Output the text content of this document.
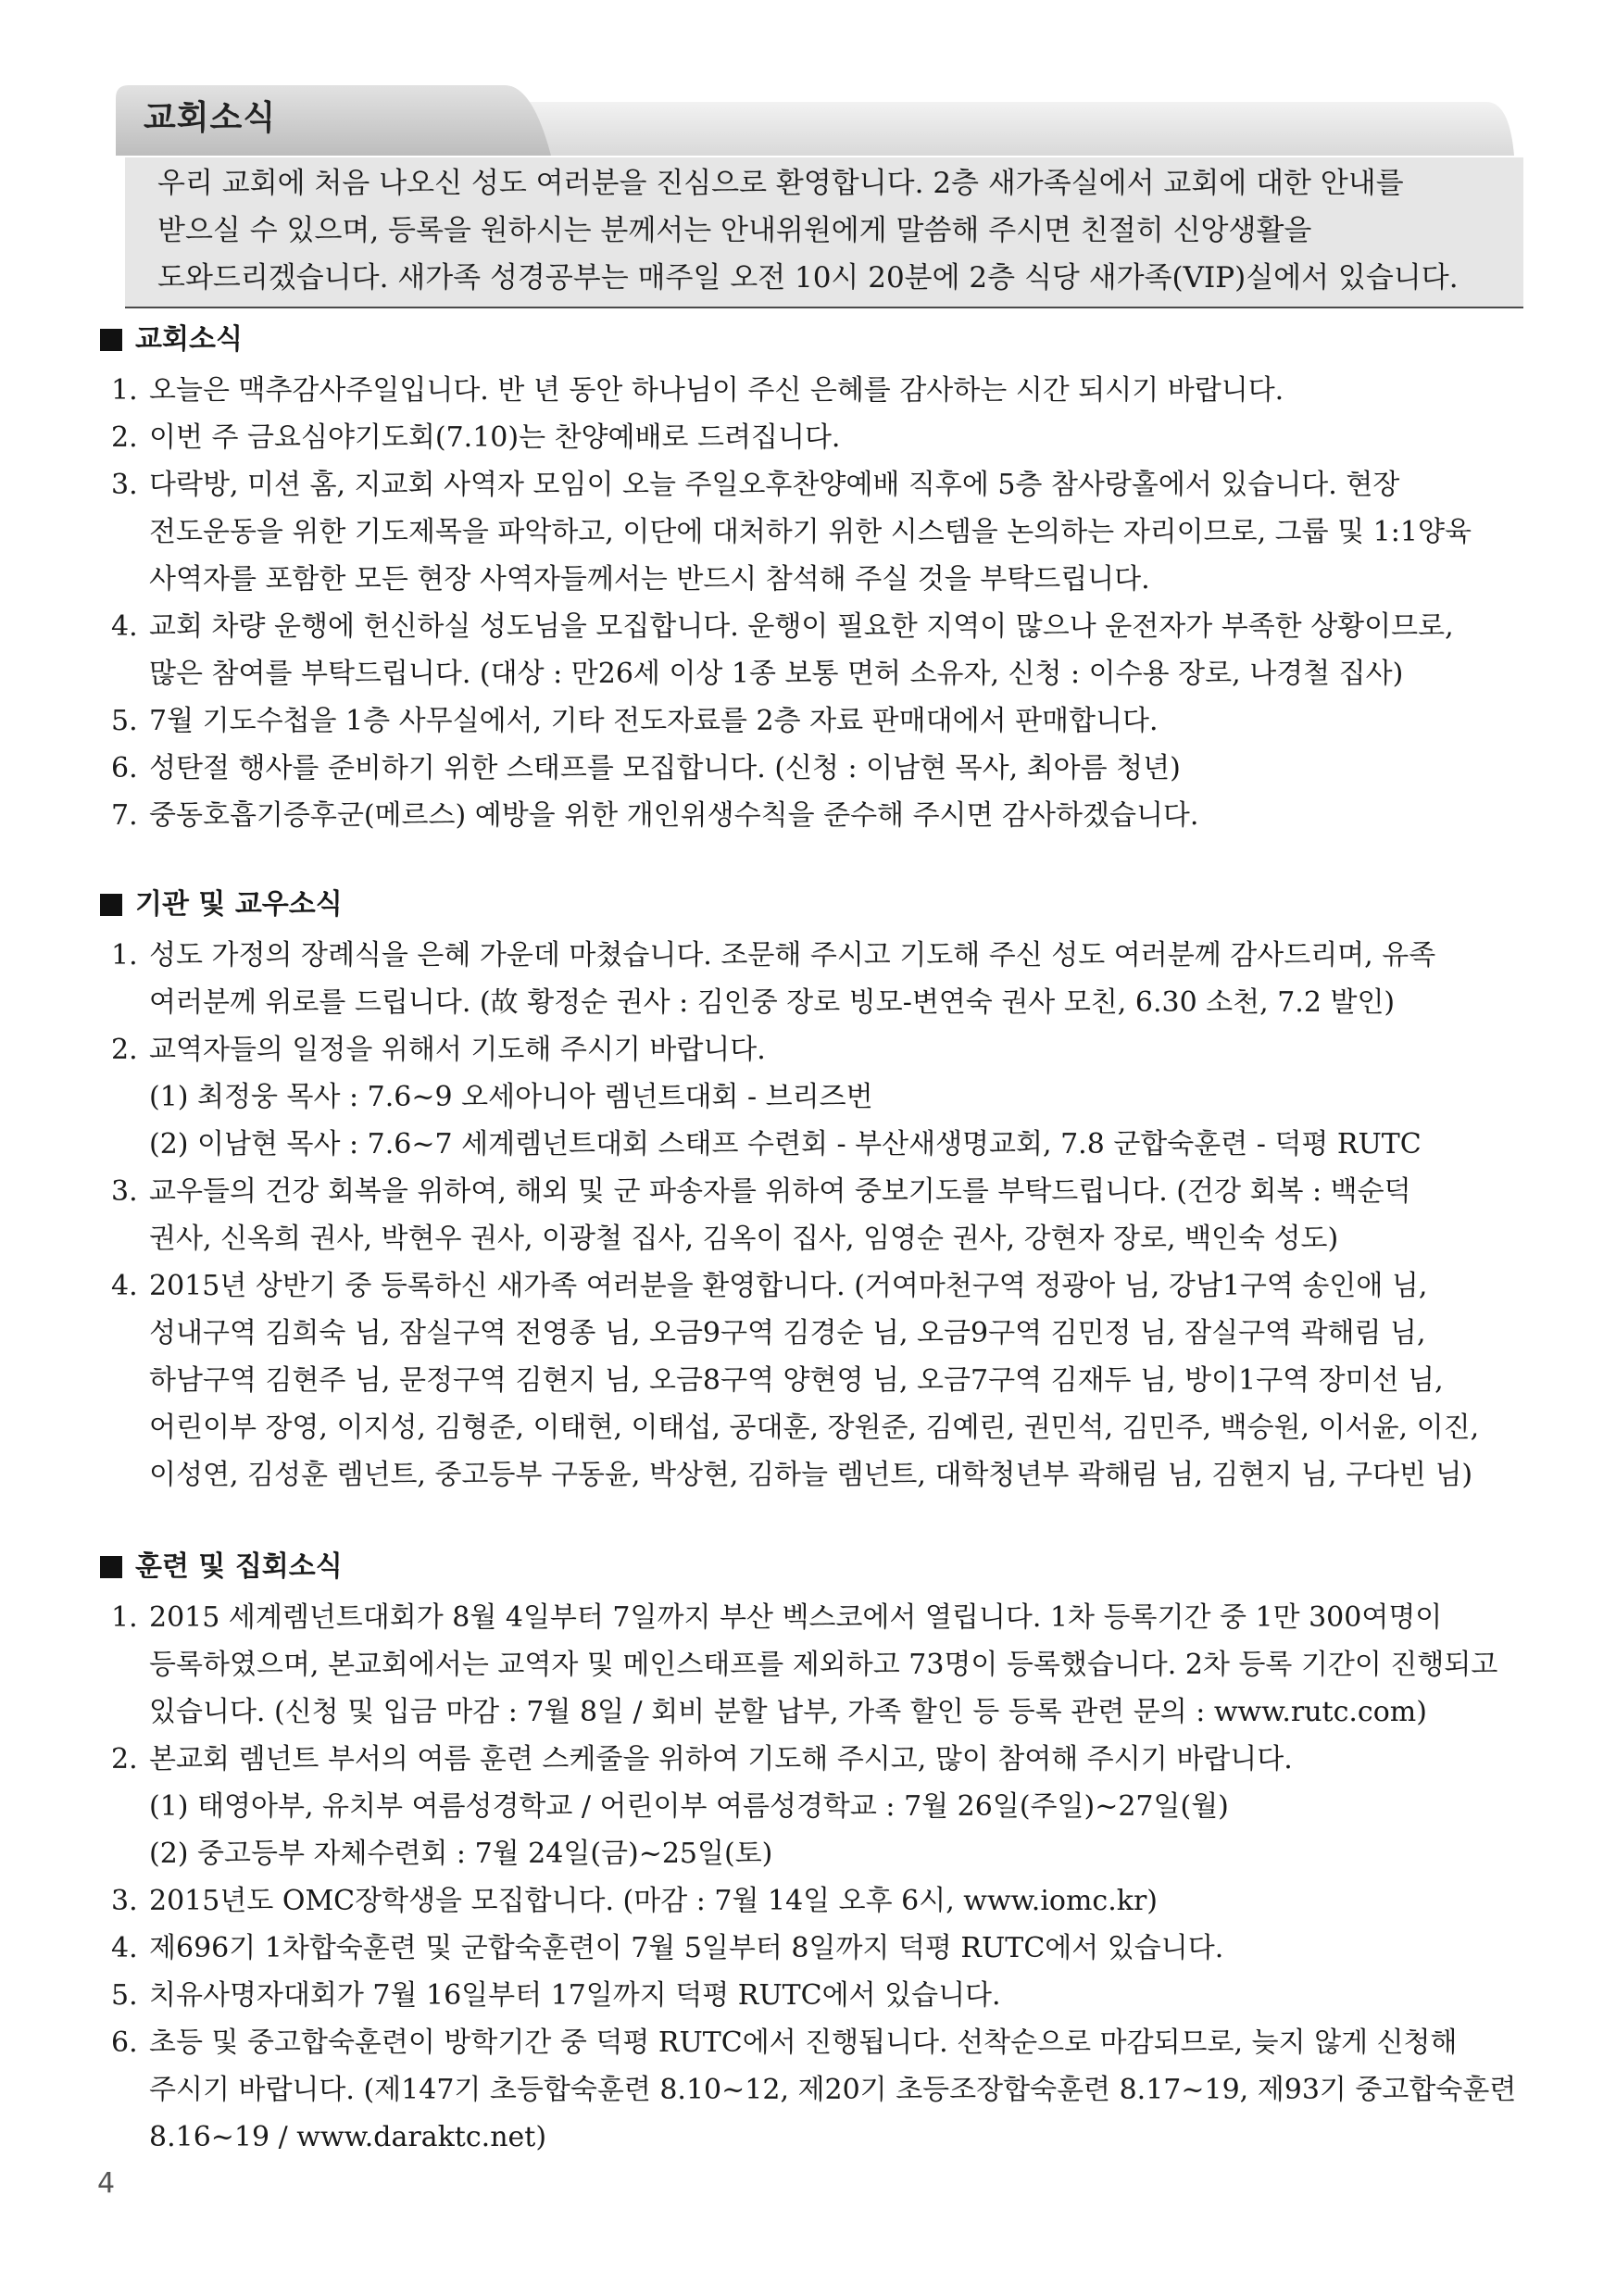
교회소식
우리 교회에 처음 나오신 성도 여러분을 진심으로 환영합니다. 2층 새가족실에서 교회에 대한 안내를
받으실 수 있으며, 등록을 원하시는 분께서는 안내위원에게 말씀해 주시면 친절히 신앙생활을
도와드리겠습니다. 새가족 성경공부는 매주일 오전 10시 20분에 2층 식당 새가족(VIP)실에서 있습니다.
교회소식
1. 오늘은 맥추감사주일입니다. 반 년 동안 하나님이 주신 은혜를 감사하는 시간 되시기 바랍니다.
2. 이번 주 금요심야기도회(7.10)는 찬양예배로 드려집니다.
3. 다락방, 미션 홈, 지교회 사역자 모임이 오늘 주일오후찬양예배 직후에 5층 참사랑홀에서 있습니다. 현장
전도운동을 위한 기도제목을 파악하고, 이단에 대처하기 위한 시스템을 논의하는 자리이므로, 그룹 및 1:1양육
사역자를 포함한 모든 현장 사역자들께서는 반드시 참석해 주실 것을 부탁드립니다.
4. 교회 차량 운행에 헌신하실 성도님을 모집합니다. 운행이 필요한 지역이 많으나 운전자가 부족한 상황이므로,
많은 참여를 부탁드립니다. (대상 : 만26세 이상 1종 보통 면허 소유자, 신청 : 이수용 장로, 나경철 집사)
5. 7월 기도수첩을 1층 사무실에서, 기타 전도자료를 2층 자료 판매대에서 판매합니다.
6. 성탄절 행사를 준비하기 위한 스태프를 모집합니다. (신청 : 이남현 목사, 최아름 청년)
7. 중동호흡기증후군(메르스) 예방을 위한 개인위생수칙을 준수해 주시면 감사하겠습니다.
기관 및 교우소식
1. 성도 가정의 장례식을 은혜 가운데 마쳤습니다. 조문해 주시고 기도해 주신 성도 여러분께 감사드리며, 유족
여러분께 위로를 드립니다. (故 황정순 권사 : 김인중 장로 빙모-변연숙 권사 모친, 6.30 소천, 7.2 발인)
2. 교역자들의 일정을 위해서 기도해 주시기 바랍니다.
(1) 최정웅 목사 : 7.6~9 오세아니아 렘넌트대회 - 브리즈번
(2) 이남현 목사 : 7.6~7 세계렘넌트대회 스태프 수련회 - 부산새생명교회, 7.8 군합숙훈련 - 덕평 RUTC
3. 교우들의 건강 회복을 위하여, 해외 및 군 파송자를 위하여 중보기도를 부탁드립니다. (건강 회복 : 백순덕
권사, 신옥희 권사, 박현우 권사, 이광철 집사, 김옥이 집사, 임영순 권사, 강현자 장로, 백인숙 성도)
4. 2015년 상반기 중 등록하신 새가족 여러분을 환영합니다. (거여마천구역 정광아 님, 강남1구역 송인애 님,
성내구역 김희숙 님, 잠실구역 전영종 님, 오금9구역 김경순 님, 오금9구역 김민정 님, 잠실구역 곽해림 님,
하남구역 김현주 님, 문정구역 김현지 님, 오금8구역 양현영 님, 오금7구역 김재두 님, 방이1구역 장미선 님,
어린이부 장영, 이지성, 김형준, 이태현, 이태섭, 공대훈, 장원준, 김예린, 권민석, 김민주, 백승원, 이서윤, 이진,
이성연, 김성훈 렘넌트, 중고등부 구동윤, 박상현, 김하늘 렘넌트, 대학청년부 곽해림 님, 김현지 님, 구다빈 님)
훈련 및 집회소식
1. 2015 세계렘넌트대회가 8월 4일부터 7일까지 부산 벡스코에서 열립니다. 1차 등록기간 중 1만 300여명이
등록하였으며, 본교회에서는 교역자 및 메인스태프를 제외하고 73명이 등록했습니다. 2차 등록 기간이 진행되고
있습니다. (신청 및 입금 마감 : 7월 8일 / 회비 분할 납부, 가족 할인 등 등록 관련 문의 : www.rutc.com)
2. 본교회 렘넌트 부서의 여름 훈련 스케줄을 위하여 기도해 주시고, 많이 참여해 주시기 바랍니다.
(1) 태영아부, 유치부 여름성경학교 / 어린이부 여름성경학교 : 7월 26일(주일)~27일(월)
(2) 중고등부 자체수련회 : 7월 24일(금)~25일(토)
3. 2015년도 OMC장학생을 모집합니다. (마감 : 7월 14일 오후 6시, www.iomc.kr)
4. 제696기 1차합숙훈련 및 군합숙훈련이 7월 5일부터 8일까지 덕평 RUTC에서 있습니다.
5. 치유사명자대회가 7월 16일부터 17일까지 덕평 RUTC에서 있습니다.
6. 초등 및 중고합숙훈련이 방학기간 중 덕평 RUTC에서 진행됩니다. 선착순으로 마감되므로, 늦지 않게 신청해
주시기 바랍니다. (제147기 초등합숙훈련 8.10~12, 제20기 초등조장합숙훈련 8.17~19, 제93기 중고합숙훈련
8.16~19 / www.daraktc.net)
4
